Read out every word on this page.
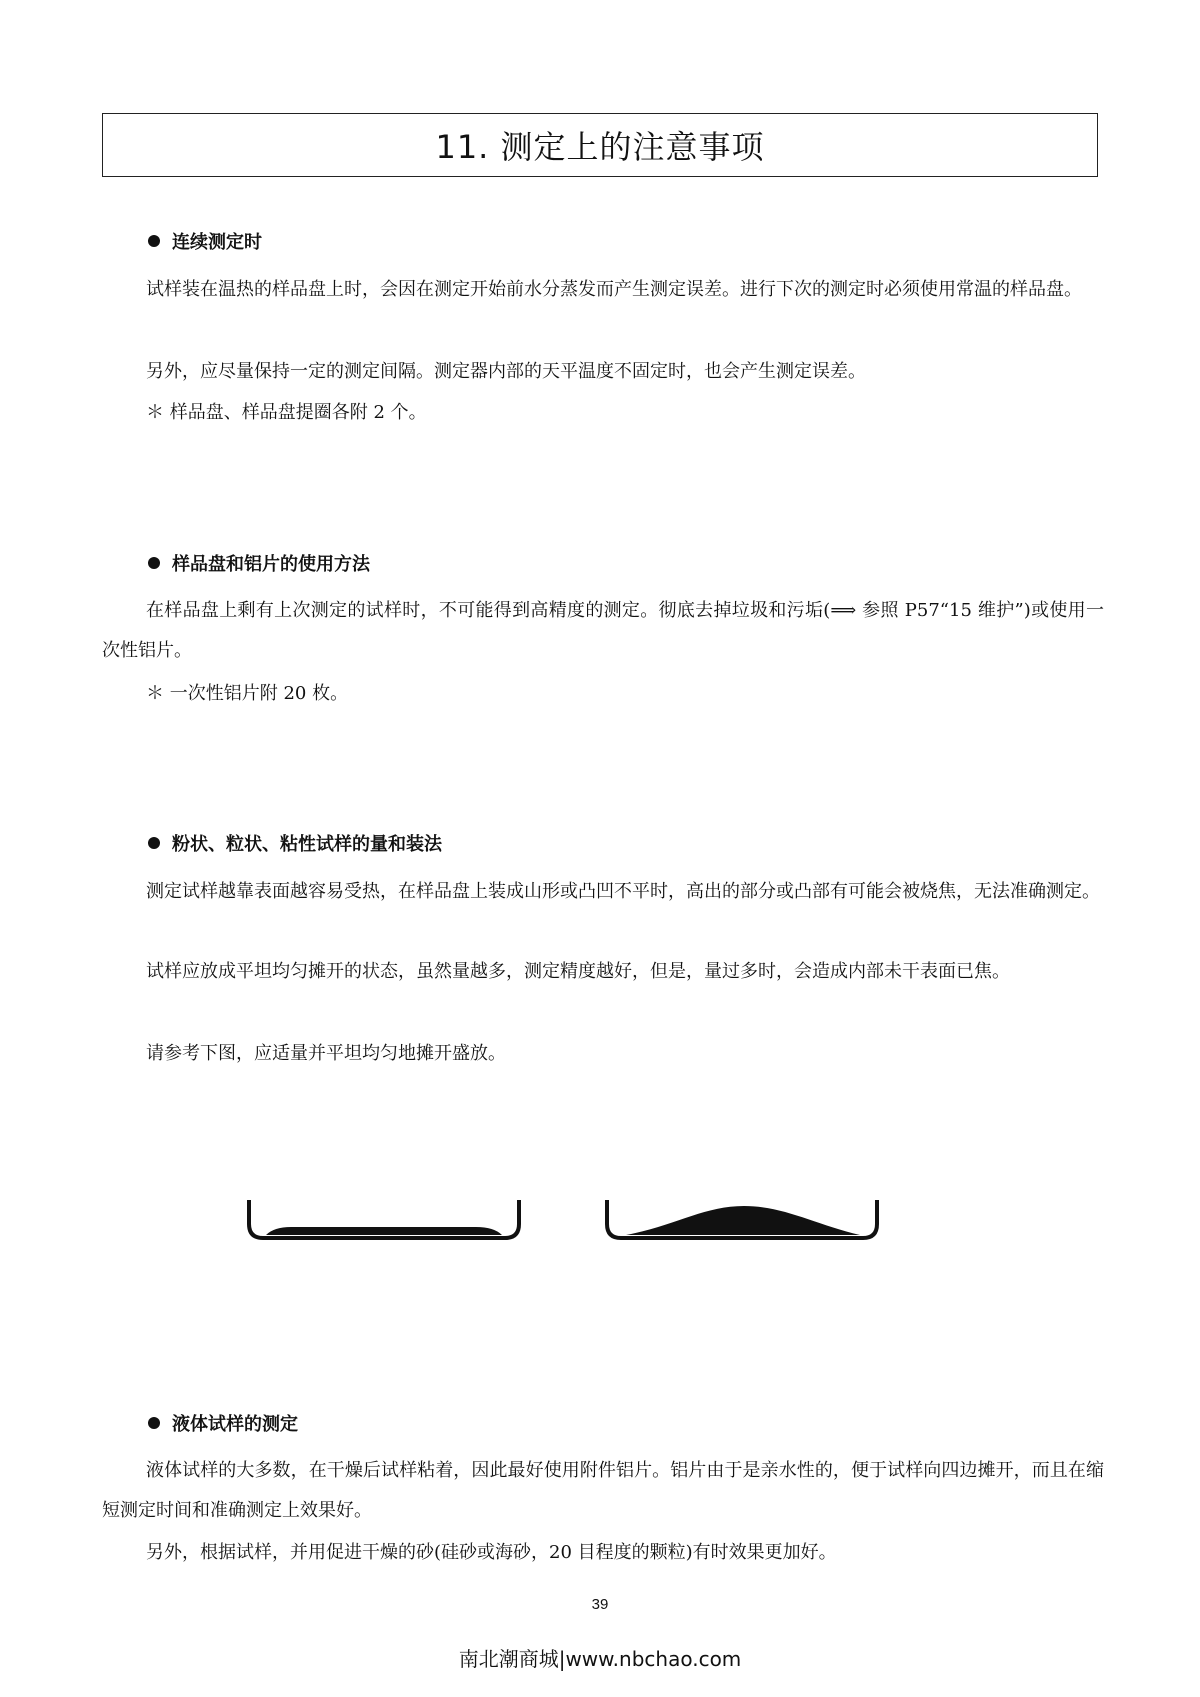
11. 测定上的注意事项
连续测定时

试样装在温热的样品盘上时，会因在测定开始前水分蒸发而产生测定误差。进行下次的测定时必须使用常温的样品盘。

另外，应尽量保持一定的测定间隔。测定器内部的天平温度不固定时，也会产生测定误差。

＊ 样品盘、样品盘提圈各附 2 个。

样品盘和铝片的使用方法

在样品盘上剩有上次测定的试样时，不可能得到高精度的测定。彻底去掉垃圾和污垢(⟹ 参照 P57“15 维护”)或使用一次性铝片。

＊ 一次性铝片附 20 枚。

粉状、粒状、粘性试样的量和装法

测定试样越靠表面越容易受热，在样品盘上装成山形或凸凹不平时，高出的部分或凸部有可能会被烧焦，无法准确测定。

试样应放成平坦均匀摊开的状态，虽然量越多，测定精度越好，但是，量过多时，会造成内部未干表面已焦。

请参考下图，应适量并平坦均匀地摊开盛放。

液体试样的测定

液体试样的大多数，在干燥后试样粘着，因此最好使用附件铝片。铝片由于是亲水性的，便于试样向四边摊开，而且在缩短测定时间和准确测定上效果好。

另外，根据试样，并用促进干燥的砂(硅砂或海砂，20 目程度的颗粒)有时效果更加好。

39
南北潮商城|www.nbchao.com
